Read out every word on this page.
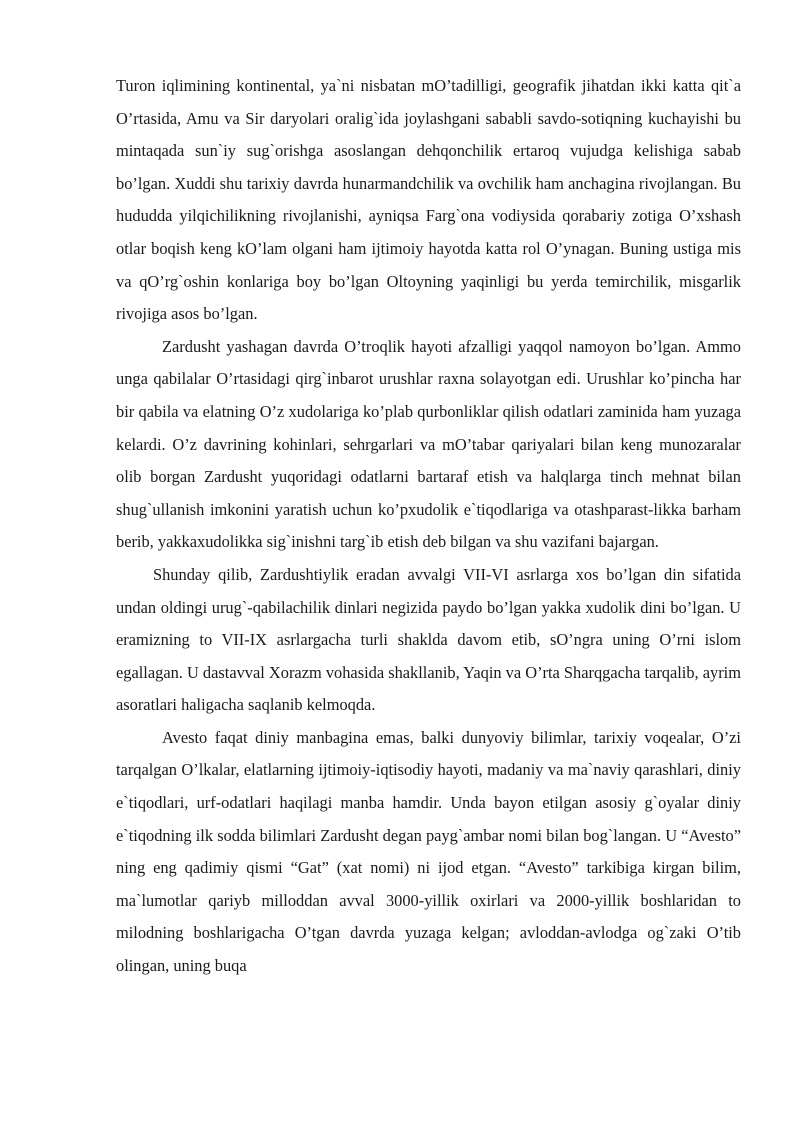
Turon iqlimining kontinental, ya`ni nisbatan mO’tadilligi, geografik jihatdan ikki katta qit`a O’rtasida, Amu va Sir daryolari oralig`ida joylashgani sababli savdo-sotiqning kuchayishi bu mintaqada sun`iy sug`orishga asoslangan dehqonchilik ertaroq vujudga kelishiga sabab bo’lgan. Xuddi shu tarixiy davrda hunarmandchilik va ovchilik ham anchagina rivojlangan. Bu hududda yilqichilikning rivojlanishi, ayniqsa Farg`ona vodiysida qorabariy zotiga O’xshash otlar boqish keng kO’lam olgani ham ijtimoiy hayotda katta rol O’ynagan. Buning ustiga mis va qO’rg`oshin konlariga boy bo’lgan Oltoyning yaqinligi bu yerda temirchilik, misgarlik rivojiga asos bo’lgan.

Zardusht yashagan davrda O’troqlik hayoti afzalligi yaqqol namoyon bo’lgan. Ammo unga qabilalar O’rtasidagi qirg`inbarot urushlar raxna solayotgan edi. Urushlar ko’pincha har bir qabila va elatning O’z xudolariga ko’plab qurbonliklar qilish odatlari zaminida ham yuzaga kelardi. O’z davrining kohinlari, sehrgarlari va mO’tabar qariyalari bilan keng munozaralar olib borgan Zardusht yuqoridagi odatlarni bartaraf etish va halqlarga tinch mehnat bilan shug`ullanish imkonini yaratish uchun ko’pxudolik e`tiqodlariga va otashparast-likka barham berib, yakkaxudolikka sig`inishni targ`ib etish deb bilgan va shu vazifani bajargan.

Shunday qilib, Zardushtiylik eradan avvalgi VII-VI asrlarga xos bo’lgan din sifatida undan oldingi urug`-qabilachilik dinlari negizida paydo bo’lgan yakka xudolik dini bo’lgan. U eramizning to VII-IX asrlargacha turli shaklda davom etib, sO’ngra uning O’rni islom egallagan. U dastavval Xorazm vohasida shakllanib, Yaqin va O’rta Sharqgacha tarqalib, ayrim asoratlari haligacha saqlanib kelmoqda.

Avesto faqat diniy manbagina emas, balki dunyoviy bilimlar, tarixiy voqealar, O’zi tarqalgan O’lkalar, elatlarning ijtimoiy-iqtisodiy hayoti, madaniy va ma`naviy qarashlari, diniy e`tiqodlari, urf-odatlari haqilagi manba hamdir. Unda bayon etilgan asosiy g`oyalar diniy e`tiqodning ilk sodda bilimlari Zardusht degan payg`ambar nomi bilan bog`langan. U “Avesto” ning eng qadimiy qismi “Gat” (xat nomi) ni ijod etgan. “Avesto” tarkibiga kirgan bilim, ma`lumotlar qariyb milloddan avval 3000-yillik oxirlari va 2000-yillik boshlaridan to milodning boshlarigacha O’tgan davrda yuzaga kelgan; avloddan-avlodga og`zaki O’tib olingan, uning buqa
